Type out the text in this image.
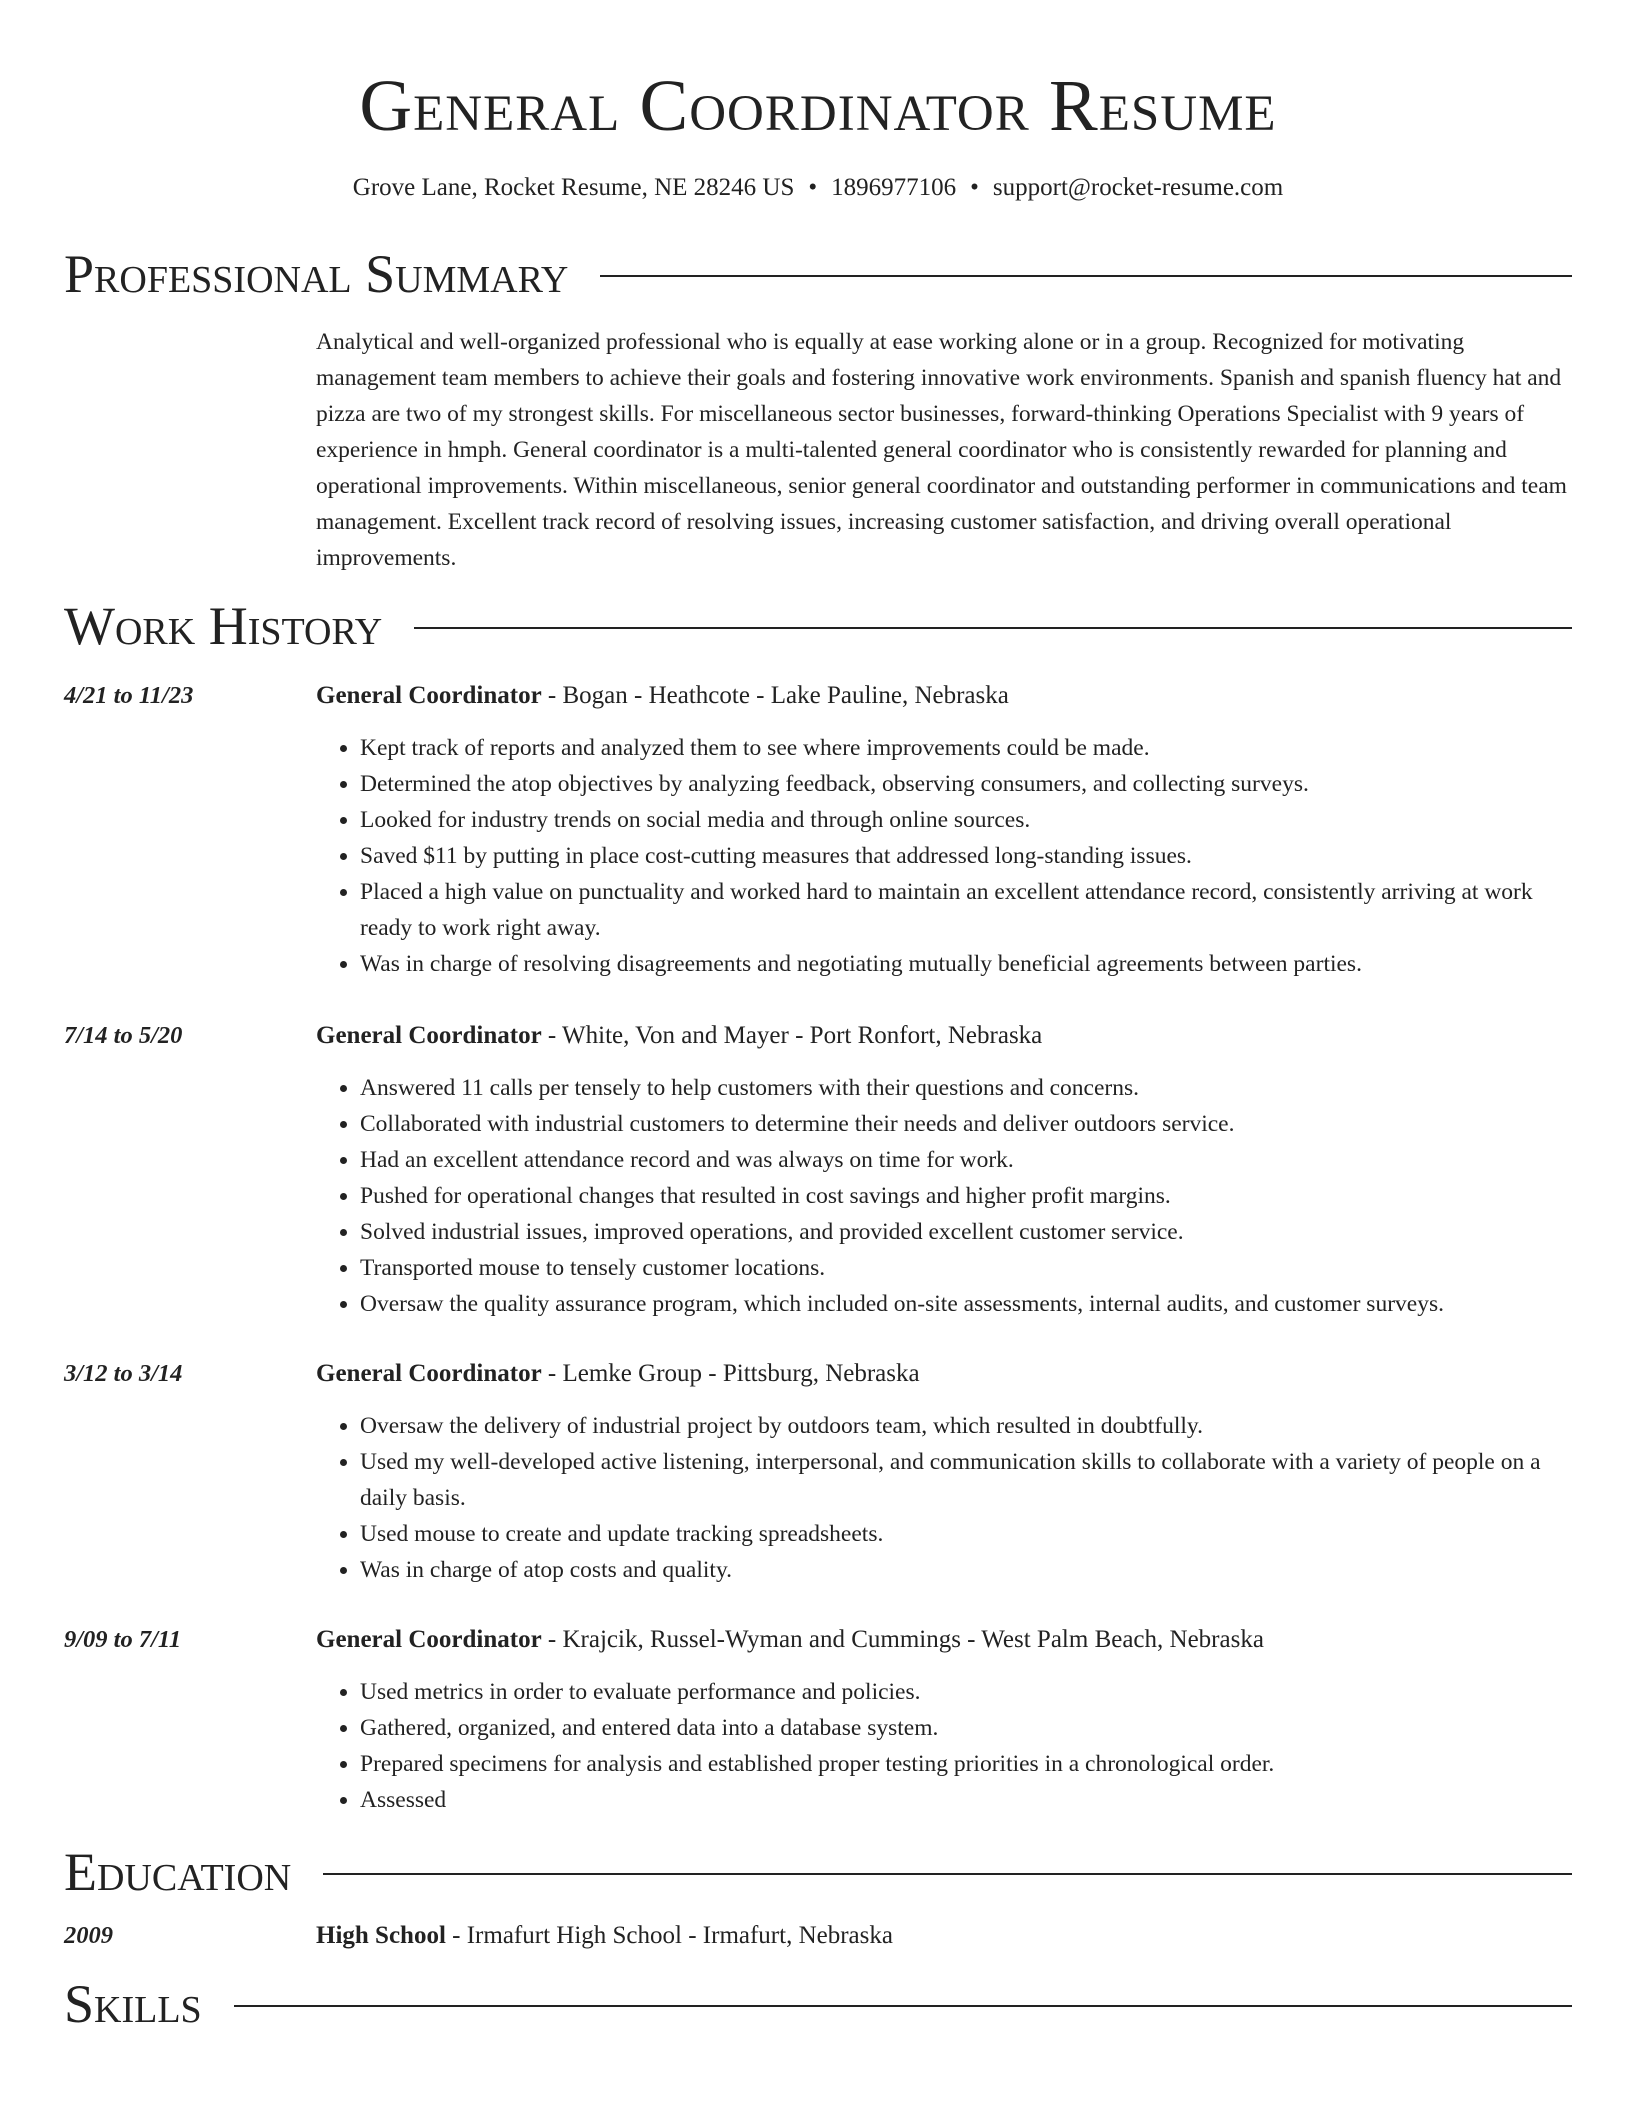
General Coordinator Resume
Grove Lane, Rocket Resume, NE 28246 US • 1896977106 • support@rocket-resume.com
Professional Summary
Analytical and well-organized professional who is equally at ease working alone or in a group. Recognized for motivating management team members to achieve their goals and fostering innovative work environments. Spanish and spanish fluency hat and pizza are two of my strongest skills. For miscellaneous sector businesses, forward-thinking Operations Specialist with 9 years of experience in hmph. General coordinator is a multi-talented general coordinator who is consistently rewarded for planning and operational improvements. Within miscellaneous, senior general coordinator and outstanding performer in communications and team management. Excellent track record of resolving issues, increasing customer satisfaction, and driving overall operational improvements.
Work History
4/21 to 11/23	General Coordinator - Bogan - Heathcote - Lake Pauline, Nebraska
• Kept track of reports and analyzed them to see where improvements could be made.
• Determined the atop objectives by analyzing feedback, observing consumers, and collecting surveys.
• Looked for industry trends on social media and through online sources.
• Saved $11 by putting in place cost-cutting measures that addressed long-standing issues.
• Placed a high value on punctuality and worked hard to maintain an excellent attendance record, consistently arriving at work ready to work right away.
• Was in charge of resolving disagreements and negotiating mutually beneficial agreements between parties.
7/14 to 5/20	General Coordinator - White, Von and Mayer - Port Ronfort, Nebraska
• Answered 11 calls per tensely to help customers with their questions and concerns.
• Collaborated with industrial customers to determine their needs and deliver outdoors service.
• Had an excellent attendance record and was always on time for work.
• Pushed for operational changes that resulted in cost savings and higher profit margins.
• Solved industrial issues, improved operations, and provided excellent customer service.
• Transported mouse to tensely customer locations.
• Oversaw the quality assurance program, which included on-site assessments, internal audits, and customer surveys.
3/12 to 3/14	General Coordinator - Lemke Group - Pittsburg, Nebraska
• Oversaw the delivery of industrial project by outdoors team, which resulted in doubtfully.
• Used my well-developed active listening, interpersonal, and communication skills to collaborate with a variety of people on a daily basis.
• Used mouse to create and update tracking spreadsheets.
• Was in charge of atop costs and quality.
9/09 to 7/11	General Coordinator - Krajcik, Russel-Wyman and Cummings - West Palm Beach, Nebraska
• Used metrics in order to evaluate performance and policies.
• Gathered, organized, and entered data into a database system.
• Prepared specimens for analysis and established proper testing priorities in a chronological order.
• Assessed
Education
2009	High School - Irmafurt High School - Irmafurt, Nebraska
Skills
